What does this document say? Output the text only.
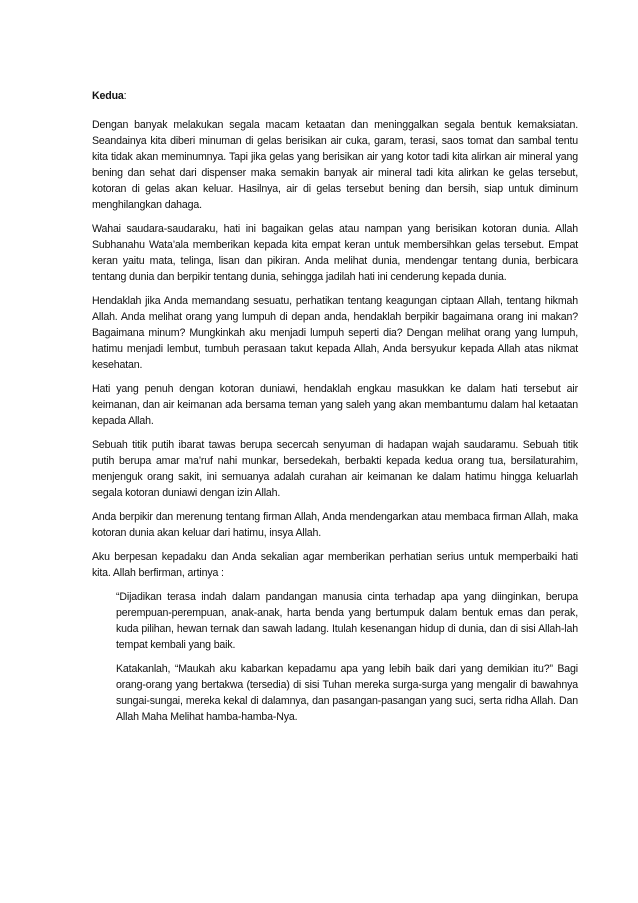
Kedua:

Dengan banyak melakukan segala macam ketaatan dan meninggalkan segala bentuk kemaksiatan. Seandainya kita diberi minuman di gelas berisikan air cuka, garam, terasi, saos tomat dan sambal tentu kita tidak akan meminumnya. Tapi jika gelas yang berisikan air yang kotor tadi kita alirkan air mineral yang bening dan sehat dari dispenser maka semakin banyak air mineral tadi kita alirkan ke gelas tersebut, kotoran di gelas akan keluar. Hasilnya, air di gelas tersebut bening dan bersih, siap untuk diminum menghilangkan dahaga.

Wahai saudara-saudaraku, hati ini bagaikan gelas atau nampan yang berisikan kotoran dunia. Allah Subhanahu Wata’ala memberikan kepada kita empat keran untuk membersihkan gelas tersebut. Empat keran yaitu mata, telinga, lisan dan pikiran. Anda melihat dunia, mendengar tentang dunia, berbicara tentang dunia dan berpikir tentang dunia, sehingga jadilah hati ini cenderung kepada dunia.

Hendaklah jika Anda memandang sesuatu, perhatikan tentang keagungan ciptaan Allah, tentang hikmah Allah. Anda melihat orang yang lumpuh di depan anda, hendaklah berpikir bagaimana orang ini makan? Bagaimana minum? Mungkinkah aku menjadi lumpuh seperti dia? Dengan melihat orang yang lumpuh, hatimu menjadi lembut, tumbuh perasaan takut kepada Allah, Anda bersyukur kepada Allah atas nikmat kesehatan.

Hati yang penuh dengan kotoran duniawi, hendaklah engkau masukkan ke dalam hati tersebut air keimanan, dan air keimanan ada bersama teman yang saleh yang akan membantumu dalam hal ketaatan kepada Allah.

Sebuah titik putih ibarat tawas berupa secercah senyuman di hadapan wajah saudaramu. Sebuah titik putih berupa amar ma’ruf nahi munkar, bersedekah, berbakti kepada kedua orang tua, bersilaturahim, menjenguk orang sakit, ini semuanya adalah curahan air keimanan ke dalam hatimu hingga keluarlah segala kotoran duniawi dengan izin Allah.

Anda berpikir dan merenung tentang firman Allah, Anda mendengarkan atau membaca firman Allah, maka kotoran dunia akan keluar dari hatimu, insya Allah.

Aku berpesan kepadaku dan Anda sekalian agar memberikan perhatian serius untuk memperbaiki hati kita. Allah berfirman, artinya :

“Dijadikan terasa indah dalam pandangan manusia cinta terhadap apa yang diinginkan, berupa perempuan-perempuan, anak-anak, harta benda yang bertumpuk dalam bentuk emas dan perak, kuda pilihan, hewan ternak dan sawah ladang. Itulah kesenangan hidup di dunia, dan di sisi Allah-lah tempat kembali yang baik.

Katakanlah, “Maukah aku kabarkan kepadamu apa yang lebih baik dari yang demikian itu?” Bagi orang-orang yang bertakwa (tersedia) di sisi Tuhan mereka surga-surga yang mengalir di bawahnya sungai-sungai, mereka kekal di dalamnya, dan pasangan-pasangan yang suci, serta ridha Allah. Dan Allah Maha Melihat hamba-hamba-Nya.
